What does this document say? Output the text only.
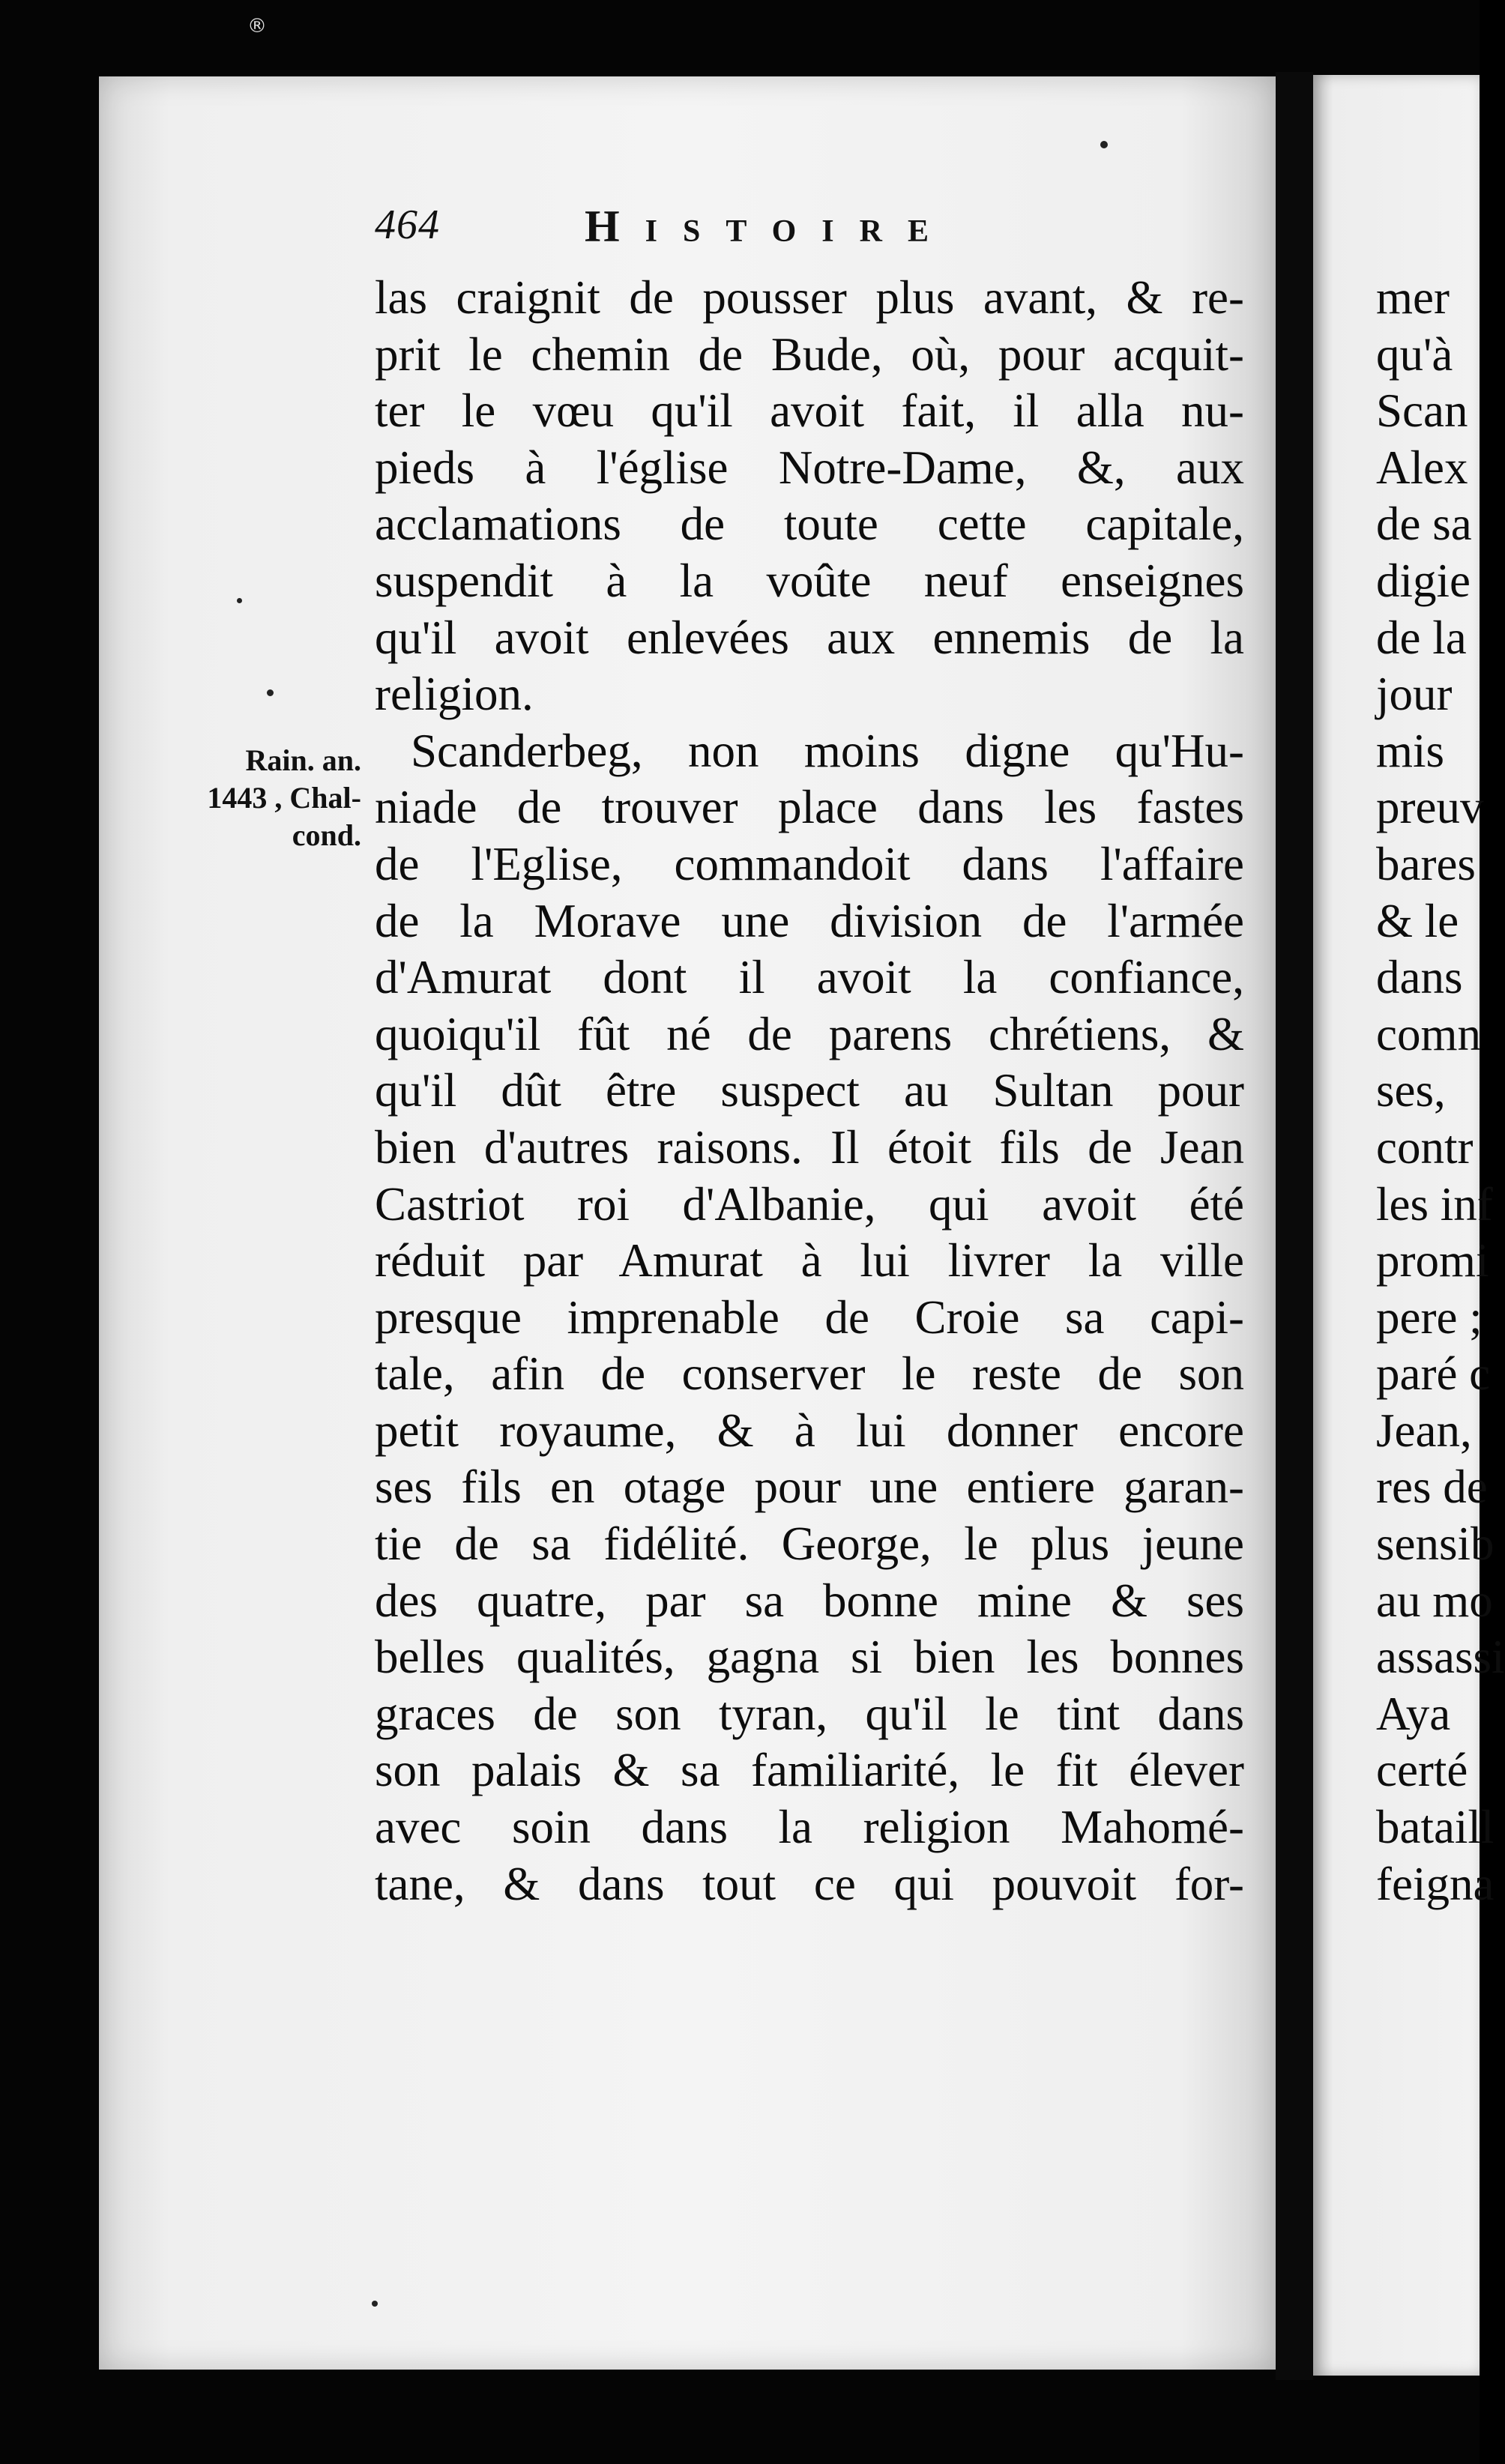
®
464	Histoire
Rain. an.
1443 , Chal-
cond.
las craignit de pousser plus avant, & re-
prit le chemin de Bude, où, pour acquit-
ter le vœu qu'il avoit fait, il alla nu-
pieds à l'église Notre-Dame, &, aux
acclamations de toute cette capitale,
suspendit à la voûte neuf enseignes
qu'il avoit enlevées aux ennemis de la
religion.
Scanderbeg, non moins digne qu'Hu-
niade de trouver place dans les fastes
de l'Eglise, commandoit dans l'affaire
de la Morave une division de l'armée
d'Amurat dont il avoit la confiance,
quoiqu'il fût né de parens chrétiens, &
qu'il dût être suspect au Sultan pour
bien d'autres raisons. Il étoit fils de Jean
Castriot roi d'Albanie, qui avoit été
réduit par Amurat à lui livrer la ville
presque imprenable de Croie sa capi-
tale, afin de conserver le reste de son
petit royaume, & à lui donner encore
ses fils en otage pour une entiere garan-
tie de sa fidélité. George, le plus jeune
des quatre, par sa bonne mine & ses
belles qualités, gagna si bien les bonnes
graces de son tyran, qu'il le tint dans
son palais & sa familiarité, le fit élever
avec soin dans la religion Mahomé-
tane, & dans tout ce qui pouvoit for-
mer
qu'à
Scan
Alex
de sa
digie
de la
jour
mis
preuv
bares
& le
dans
comn
ses,
contr
les inf
promi
pere ;
paré c
Jean,
res de
sensib
au mo
assassi
Aya
certé
bataill
feigna
